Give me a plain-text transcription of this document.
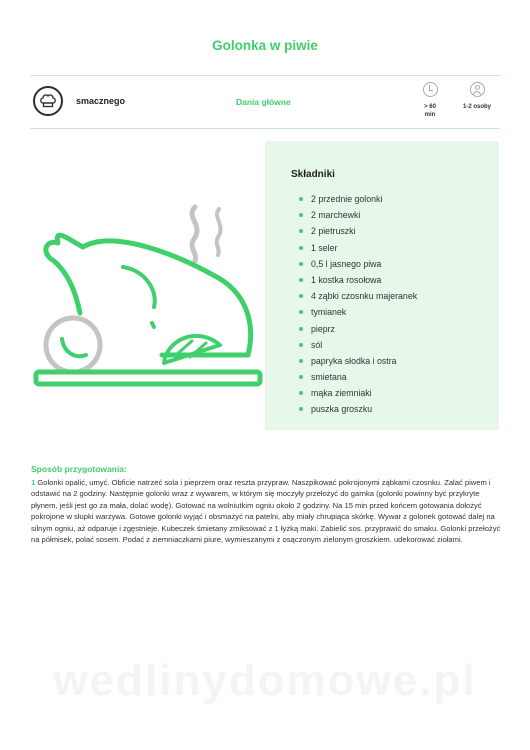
Golonka w piwie
smacznego	Dania główne	> 60
min
1-2 osoby
Składniki
2 przednie golonki
2 marchewki
2 pietruszki
1 seler
0,5 l jasnego piwa
1 kostka rosołowa
4 ząbki czosnku majeranek
tymianek
pieprz
sól
papryka słodka i ostra
smietana
mąka ziemniaki
puszka groszku
Sposób przygotowania:

1 Golonki opalić, umyć. Obficie natrzeć sola i pieprzem oraz reszta przypraw. Naszpikować pokrojonymi ząbkami czosnku. Zalać piwem i odstawić na 2 godziny. Następnie golonki wraz z wywarem, w którym się moczyły przełożyć do garnka (golonki powinny być przykryte płynem, jeśli jest go za mała, dolać wodę). Gotować na wolniutkim ogniu około 2 godziny. Na 15 min przed końcem gotowania dołożyć pokrojone w słupki warzywa. Gotowe golonki wyjąć i obsmażyć na patelni, aby miały chrupiąca skórkę. Wywar z golonek gotować dalej na silnym ogniu, aż odparuje i zgęstnieje. Kubeczek śmietany zmiksować z 1 łyżką maki. Zabielić sos. przyprawić do smaku. Golonki przełożyć na półmisek, polać sosem. Podać z ziemniaczkami piure, wymieszanymi z osączonym zielonym groszkiem. udekorować ziołami.

wedlinydomowe.pl
